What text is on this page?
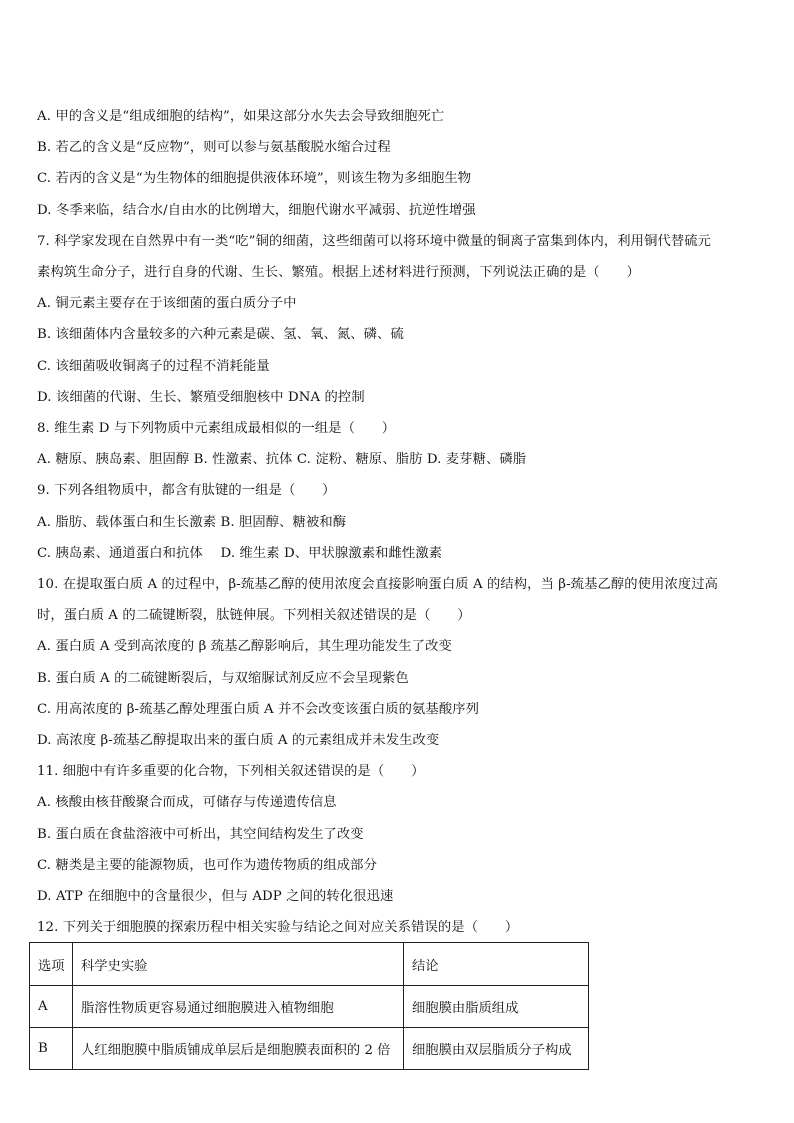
A. 甲的含义是“组成细胞的结构”，如果这部分水失去会导致细胞死亡
B. 若乙的含义是“反应物”，则可以参与氨基酸脱水缩合过程
C. 若丙的含义是“为生物体的细胞提供液体环境”，则该生物为多细胞生物
D. 冬季来临，结合水/自由水的比例增大，细胞代谢水平减弱、抗逆性增强
7. 科学家发现在自然界中有一类“吃”铜的细菌，这些细菌可以将环境中微量的铜离子富集到体内，利用铜代替硫元
素构筑生命分子，进行自身的代谢、生长、繁殖。根据上述材料进行预测，下列说法正确的是（　　）
A. 铜元素主要存在于该细菌的蛋白质分子中
B. 该细菌体内含量较多的六种元素是碳、氢、氧、氮、磷、硫
C. 该细菌吸收铜离子的过程不消耗能量
D. 该细菌的代谢、生长、繁殖受细胞核中 DNA 的控制
8. 维生素 D 与下列物质中元素组成最相似的一组是（　　）
A. 糖原、胰岛素、胆固醇 B. 性激素、抗体 C. 淀粉、糖原、脂肪 D. 麦芽糖、磷脂
9. 下列各组物质中，都含有肽键的一组是（　　）
A. 脂肪、载体蛋白和生长激素 B. 胆固醇、糖被和酶
C. 胰岛素、通道蛋白和抗体　 D. 维生素 D、甲状腺激素和雌性激素
10. 在提取蛋白质 A 的过程中，β-巯基乙醇的使用浓度会直接影响蛋白质 A 的结构，当 β-巯基乙醇的使用浓度过高
时，蛋白质 A 的二硫键断裂，肽链伸展。下列相关叙述错误的是（　　）
A. 蛋白质 A 受到高浓度的 β 巯基乙醇影响后，其生理功能发生了改变
B. 蛋白质 A 的二硫键断裂后，与双缩脲试剂反应不会呈现紫色
C. 用高浓度的 β-巯基乙醇处理蛋白质 A 并不会改变该蛋白质的氨基酸序列
D. 高浓度 β-巯基乙醇提取出来的蛋白质 A 的元素组成并未发生改变
11. 细胞中有许多重要的化合物，下列相关叙述错误的是（　　）
A. 核酸由核苷酸聚合而成，可储存与传递遗传信息
B. 蛋白质在食盐溶液中可析出，其空间结构发生了改变
C. 糖类是主要的能源物质，也可作为遗传物质的组成部分
D. ATP 在细胞中的含量很少，但与 ADP 之间的转化很迅速
12. 下列关于细胞膜的探索历程中相关实验与结论之间对应关系错误的是（　　）
选项	科学史实验	结论
A	脂溶性物质更容易通过细胞膜进入植物细胞	细胞膜由脂质组成
B	人红细胞膜中脂质铺成单层后是细胞膜表面积的 2 倍	细胞膜由双层脂质分子构成
